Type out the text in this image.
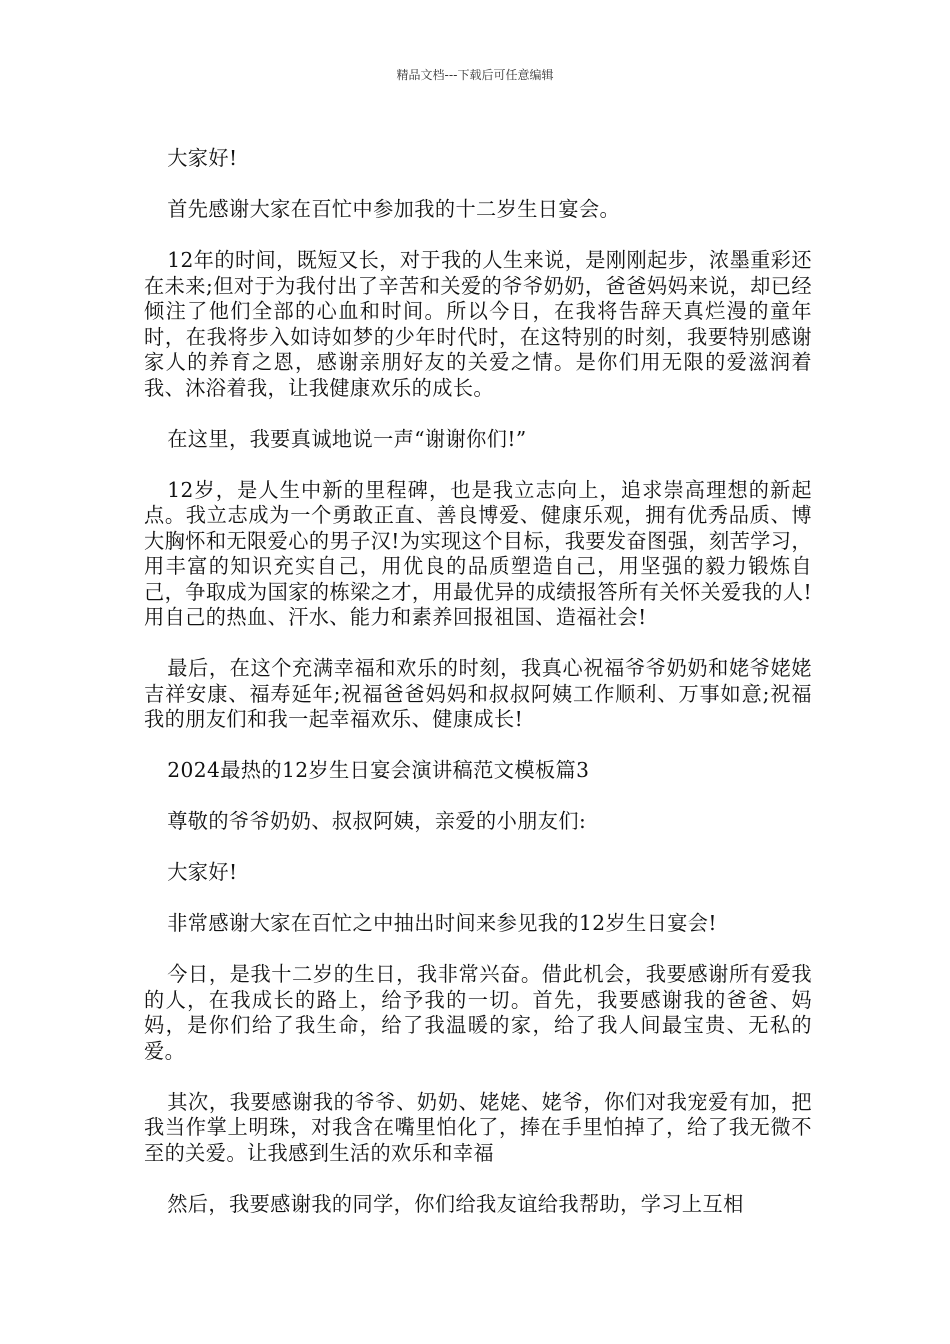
精品文档---下载后可任意编辑

大家好!

首先感谢大家在百忙中参加我的十二岁生日宴会。

12年的时间，既短又长，对于我的人生来说，是刚刚起步，浓墨重彩还在未来;但对于为我付出了辛苦和关爱的爷爷奶奶，爸爸妈妈来说，却已经倾注了他们全部的心血和时间。所以今日，在我将告辞天真烂漫的童年时，在我将步入如诗如梦的少年时代时，在这特别的时刻，我要特别感谢家人的养育之恩，感谢亲朋好友的关爱之情。是你们用无限的爱滋润着我、沐浴着我，让我健康欢乐的成长。

在这里，我要真诚地说一声“谢谢你们!”

12岁，是人生中新的里程碑，也是我立志向上，追求崇高理想的新起点。我立志成为一个勇敢正直、善良博爱、健康乐观，拥有优秀品质、博大胸怀和无限爱心的男子汉!为实现这个目标，我要发奋图强，刻苦学习，用丰富的知识充实自己，用优良的品质塑造自己，用坚强的毅力锻炼自己，争取成为国家的栋梁之才，用最优异的成绩报答所有关怀关爱我的人!用自己的热血、汗水、能力和素养回报祖国、造福社会!

最后，在这个充满幸福和欢乐的时刻，我真心祝福爷爷奶奶和姥爷姥姥吉祥安康、福寿延年;祝福爸爸妈妈和叔叔阿姨工作顺利、万事如意;祝福我的朋友们和我一起幸福欢乐、健康成长!

2024最热的12岁生日宴会演讲稿范文模板篇3

尊敬的爷爷奶奶、叔叔阿姨，亲爱的小朋友们:

大家好!

非常感谢大家在百忙之中抽出时间来参见我的12岁生日宴会!

今日，是我十二岁的生日，我非常兴奋。借此机会，我要感谢所有爱我的人，在我成长的路上，给予我的一切。首先，我要感谢我的爸爸、妈妈，是你们给了我生命，给了我温暖的家，给了我人间最宝贵、无私的爱。

其次，我要感谢我的爷爷、奶奶、姥姥、姥爷，你们对我宠爱有加，把我当作掌上明珠，对我含在嘴里怕化了，捧在手里怕掉了，给了我无微不至的关爱。让我感到生活的欢乐和幸福

然后，我要感谢我的同学，你们给我友谊给我帮助，学习上互相
